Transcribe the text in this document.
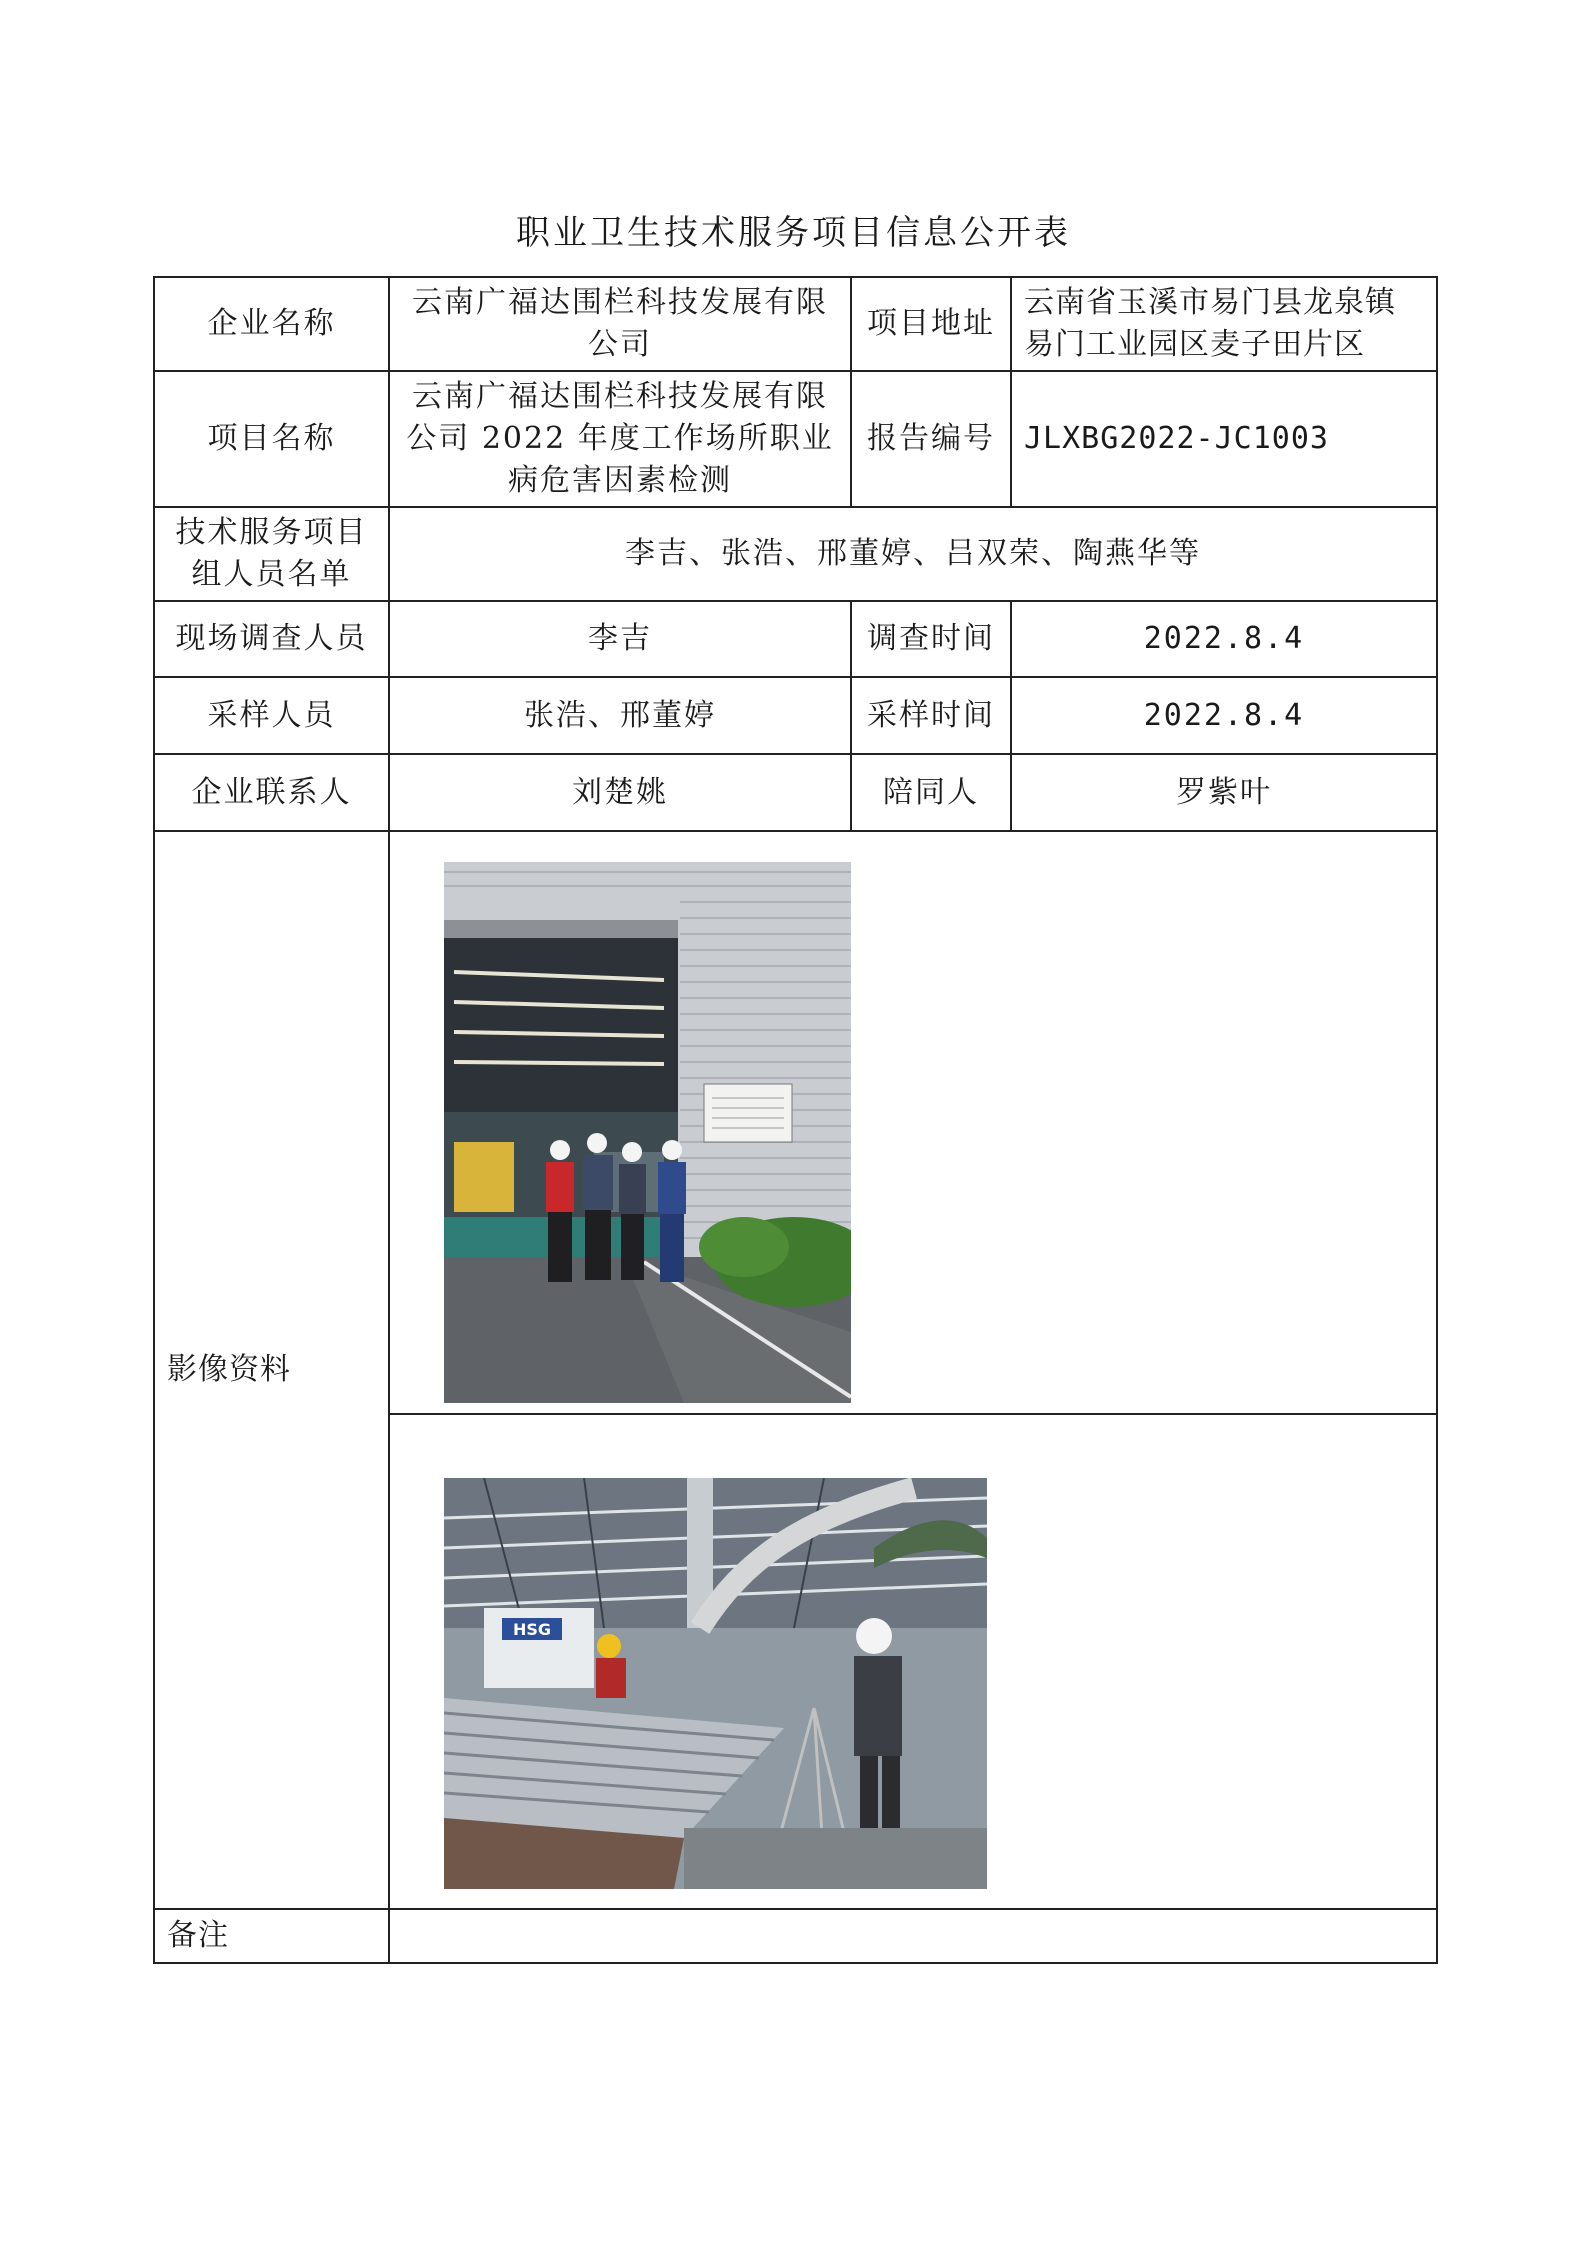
职业卫生技术服务项目信息公开表
企业名称	云南广福达围栏科技发展有限公司	项目地址	云南省玉溪市易门县龙泉镇易门工业园区麦子田片区
项目名称	云南广福达围栏科技发展有限公司 2022 年度工作场所职业病危害因素检测	报告编号	JLXBG2022-JC1003
技术服务项目组人员名单	李吉、张浩、邢董婷、吕双荣、陶燕华等		
现场调查人员	李吉	调查时间	2022.8.4
采样人员	张浩、邢董婷	采样时间	2022.8.4
企业联系人	刘楚姚	陪同人	罗紫叶
影像资料	

HSG		

备注			
